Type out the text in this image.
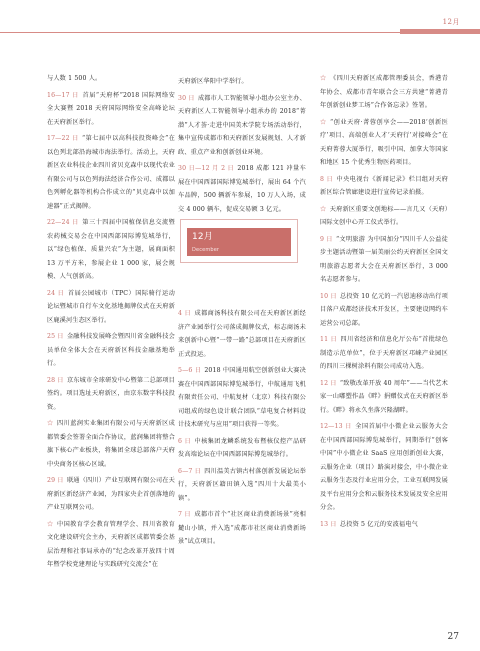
12月

与人数 1 500 人。

16—17 日  首届“天府杯”2018 国际网络安全大赛暨 2018 天府国际网络安全高峰论坛在天府新区举行。

17—22 日  “第七届中以高科技投资峰会”在以色列北部沿海城市海法举行。活动上，天府新区农业科技企业四川省贝克森中以现代农业有限公司与以色列海法经济合作公司、成都以色列孵化器等机构合作成立的“贝克森中以加速器”正式揭牌。

22—24 日  第三十四届中国植保信息交流暨农药械交易会在中国西部国际博览城举行，以“绿色植保、质量兴农”为主题，展商面积 13 万平方米，参展企业 1 000 家，展会规模、人气创新高。

24 日  首届公园城市（TPC）国际骑行运动论坛暨城市自行车文化基地揭牌仪式在天府新区鹿溪河生态区举行。

25 日  金融科技发展峰会暨四川省金融科技会员单位全体大会在天府新区科技金融基地举行。

28 日  京东城市全球研发中心暨第二总部项目签约。项目选址天府新区，由京东数字科技投资。

☆  四川蓝润实业集团有限公司与天府新区成都管委会签署全面合作协议，蓝润集团将整合旗下核心产业板块，将集团全球总部落户天府中央商务区核心区域。

29 日  联通（四川）产业互联网有限公司在天府新区新经济产业园，为四家央企首创落地的产业互联网公司。

☆  中国教育学会教育管理学会、四川省教育文化建设研究会主办，天府新区成都管委会基层治理和社事局承办的“纪念改革开放四十周年暨学校党建理论与实践研究交流会”在

天府新区华阳中学举行。

30 日  成都市人工智能领导小组办公室主办、天府新区人工智能领导小组承办的 2018“菁潜”人才荟·走进中国美术学院专场活动举行，集中宣传成都市和天府新区发展规划、人才新政、重点产业和创新创业环境。

30 日—12 月 2 日  2018 成都 121 冲量车展在中国西部国际博览城举行，展出 64 个汽车品牌，500 辆新车参展，10 万人入场，成交 4 000 辆车，促成交易额 3 亿元。

12月
December

4 日  成都商汤科技有限公司在天府新区新经济产业园举行公司落成揭牌仪式，标志商汤未来创新中心暨“一带一路”总部项目在天府新区正式投运。

5—6 日  2018 中国通用航空创新创业大赛决赛在中国西部国际博览城举行，中航通用飞机有限责任公司、中航复材（北京）科技有限公司组成的绿色设计联合团队“草电复合材料设计技术研究与应用”项目获得一等奖。

6 日  中核集团龙鳞系统发布暨核仪控产品研发高端论坛在中国西部国际博览城举行。

6—7 日  四川温美古镇古村落创新发展论坛举行，天府新区籍田镇入选“四川十大最美小镇”。

7 日  成都市首个“社区商业消费新场景”亮相麓山小镇，并入选“成都市社区商业消费新场景”试点项目。

☆  《四川天府新区成都管理委员会，香港青年协会、成都市青年联合会三方共建“菁港青年创新创业梦工场”合作备忘录》签署。

☆  “创业天府·菁蓉创享会——2018‘创新医疗’项目、高端创业人才‘天府行’对接峰会”在天府菁蓉大厦举行，吸引中国、加拿大等国家和地区 15 个优秀生物医药项目。

8 日  中央电视台《新闻记录》栏目组对天府新区综合管廊建设进行宣传记录拍摄。

☆  天府新区重要文创地标——言几又（天府）国际文创中心开工仪式举行。

9 日  “文明旅游 为中国加分”四川千人公益徒步主题活动暨第一届美丽公约天府新区全国文明旅游志愿者大会在天府新区举行，3 000 名志愿者参与。

10 日  总投资 10 亿元的一汽恩迪移动出行项目落户成都经济技术开发区，主要建设网约车运营公司总部。

11 日  四川省经济和信息化厅公布“首批绿色制造示范单位”，位于天府新区邛崃产业园区的四川三棵树涂料有限公司成功入选。

12 日  “致敬改革开放 40 周年”——当代艺术家一山嘟塑作品《畔》捐赠仪式在天府新区举行。《畔》将永久坐落兴隆湖畔。

12—13 日  全国首届中小微企业云服务大会在中国西部国际博览城举行，同期举行“创客中国”中小微企业 SaaS 应用创新创业大赛，云服务企业（项目）路演对接会，中小微企业云服务生态及行业应用分会，工业互联网发展及平台应用分会和云服务技术发展及安全应用分会。

13 日  总投资 5 亿元的安波福电气

27
